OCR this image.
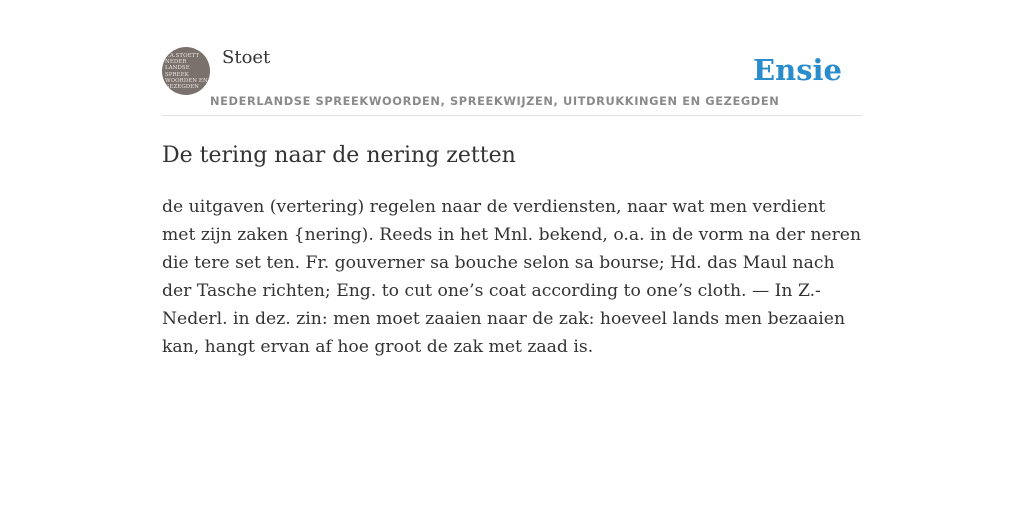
F.A.STOETT
NEDER
LANDSE
SPREEK
WOORDEN EN
GEZEGDEN
Stoet
NEDERLANDSE SPREEKWOORDEN, SPREEKWIJZEN, UITDRUKKINGEN EN GEZEGDEN
Ensie
De tering naar de nering zetten

de uitgaven (vertering) regelen naar de verdiensten, naar wat men verdient met zijn zaken {nering). Reeds in het Mnl. bekend, o.a. in de vorm na der neren die tere set ten. Fr. gouverner sa bouche selon sa bourse; Hd. das Maul nach der Tasche richten; Eng. to cut one’s coat according to one’s cloth. — In Z.-Nederl. in dez. zin: men moet zaaien naar de zak: hoeveel lands men bezaaien kan, hangt ervan af hoe groot de zak met zaad is.
